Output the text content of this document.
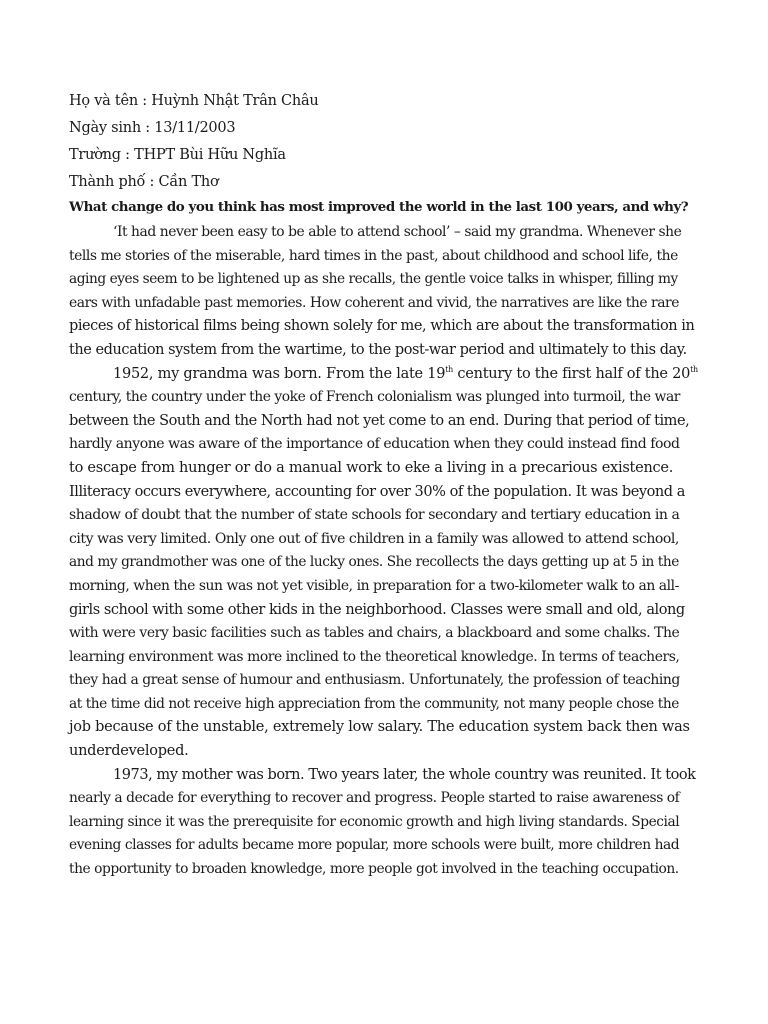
Họ và tên : Huỳnh Nhật Trân Châu
Ngày sinh : 13/11/2003
Trường : THPT Bùi Hữu Nghĩa
Thành phố : Cần Thơ
What change do you think has most improved the world in the last 100 years, and why?
‘It had never been easy to be able to attend school’ – said my grandma. Whenever she
tells me stories of the miserable, hard times in the past, about childhood and school life, the
aging eyes seem to be lightened up as she recalls, the gentle voice talks in whisper, filling my
ears with unfadable past memories. How coherent and vivid, the narratives are like the rare
pieces of historical films being shown solely for me, which are about the transformation in
the education system from the wartime, to the post-war period and ultimately to this day.
1952, my grandma was born. From the late 19th century to the first half of the 20th
century, the country under the yoke of French colonialism was plunged into turmoil, the war
between the South and the North had not yet come to an end. During that period of time,
hardly anyone was aware of the importance of education when they could instead find food
to escape from hunger or do a manual work to eke a living in a precarious existence.
Illiteracy occurs everywhere, accounting for over 30% of the population. It was beyond a
shadow of doubt that the number of state schools for secondary and tertiary education in a
city was very limited. Only one out of five children in a family was allowed to attend school,
and my grandmother was one of the lucky ones. She recollects the days getting up at 5 in the
morning, when the sun was not yet visible, in preparation for a two-kilometer walk to an all-
girls school with some other kids in the neighborhood. Classes were small and old, along
with were very basic facilities such as tables and chairs, a blackboard and some chalks. The
learning environment was more inclined to the theoretical knowledge. In terms of teachers,
they had a great sense of humour and enthusiasm. Unfortunately, the profession of teaching
at the time did not receive high appreciation from the community, not many people chose the
job because of the unstable, extremely low salary. The education system back then was
underdeveloped.
1973, my mother was born. Two years later, the whole country was reunited. It took
nearly a decade for everything to recover and progress. People started to raise awareness of
learning since it was the prerequisite for economic growth and high living standards. Special
evening classes for adults became more popular, more schools were built, more children had
the opportunity to broaden knowledge, more people got involved in the teaching occupation.
